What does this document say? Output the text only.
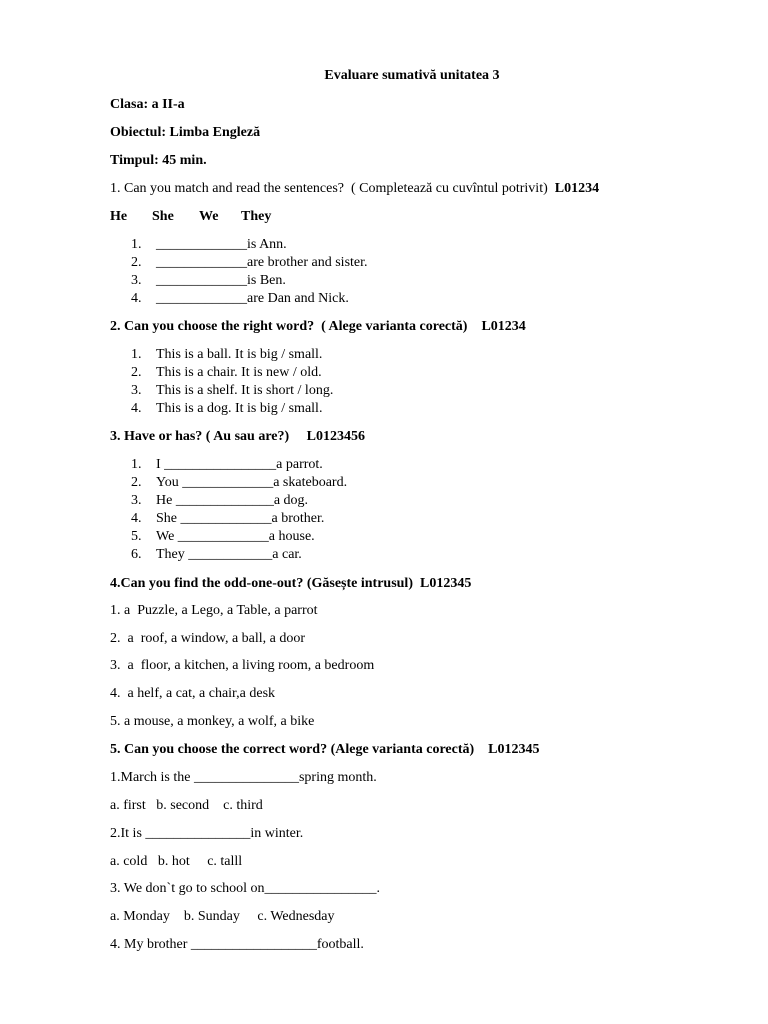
Evaluare sumativă unitatea 3
Clasa: a II-a
Obiectul: Limba Engleză
Timpul: 45 min.
1. Can you match and read the sentences?  ( Completează cu cuvîntul potrivit) L01234
He She We They
1. _____________is Ann.
2. _____________are brother and sister.
3. _____________is Ben.
4. _____________are Dan and Nick.
2. Can you choose the right word?  ( Alege varianta corectă)    L01234
1. This is a ball. It is big / small.
2. This is a chair. It is new / old.
3. This is a shelf. It is short / long.
4. This is a dog. It is big / small.
3. Have or has? ( Au sau are?)     L0123456
1. I ________________a parrot.
2. You _____________a skateboard.
3. He ______________a dog.
4. She _____________a brother.
5. We _____________a house.
6. They ____________a car.
4.Can you find the odd-one-out? (Găsește intrusul)  L012345
1. a  Puzzle, a Lego, a Table, a parrot
2.  a  roof, a window, a ball, a door
3.  a  floor, a kitchen, a living room, a bedroom
4.  a helf, a cat, a chair,a desk
5. a mouse, a monkey, a wolf, a bike
5. Can you choose the correct word? (Alege varianta corectă)    L012345
1.March is the _______________spring month.
a. first   b. second    c. third
2.It is _______________in winter.
a. cold   b. hot     c. talll
3. We don`t go to school on________________.
a. Monday    b. Sunday     c. Wednesday
4. My brother __________________football.
